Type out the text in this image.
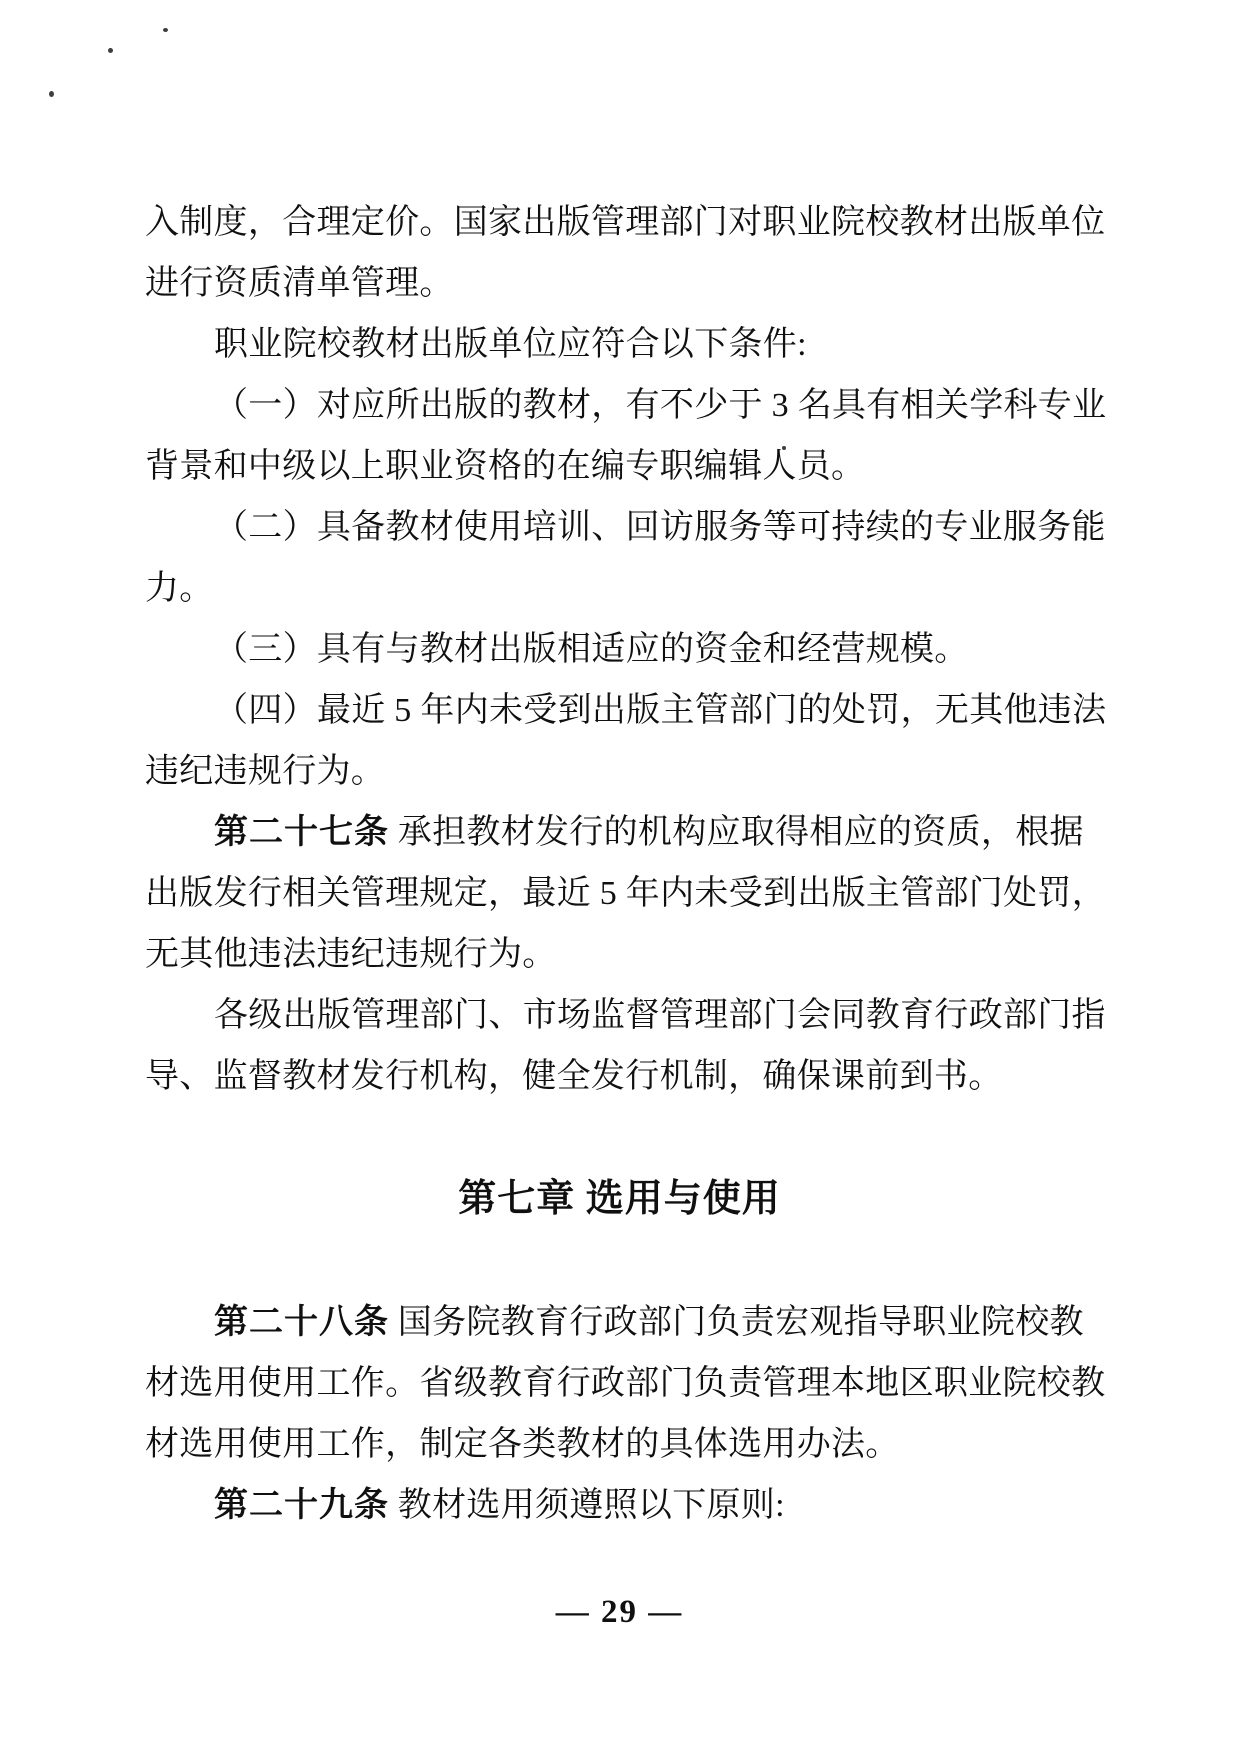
入制度，合理定价。国家出版管理部门对职业院校教材出版单位
进行资质清单管理。
职业院校教材出版单位应符合以下条件:
（一）对应所出版的教材，有不少于 3 名具有相关学科专业
背景和中级以上职业资格的在编专职编辑人员。
（二）具备教材使用培训、回访服务等可持续的专业服务能
力。
（三）具有与教材出版相适应的资金和经营规模。
（四）最近 5 年内未受到出版主管部门的处罚，无其他违法
违纪违规行为。
第二十七条 承担教材发行的机构应取得相应的资质，根据
出版发行相关管理规定，最近 5 年内未受到出版主管部门处罚，
无其他违法违纪违规行为。
各级出版管理部门、市场监督管理部门会同教育行政部门指
导、监督教材发行机构，健全发行机制，确保课前到书。
第七章 选用与使用
第二十八条 国务院教育行政部门负责宏观指导职业院校教
材选用使用工作。省级教育行政部门负责管理本地区职业院校教
材选用使用工作，制定各类教材的具体选用办法。
第二十九条 教材选用须遵照以下原则:
— 29 —
